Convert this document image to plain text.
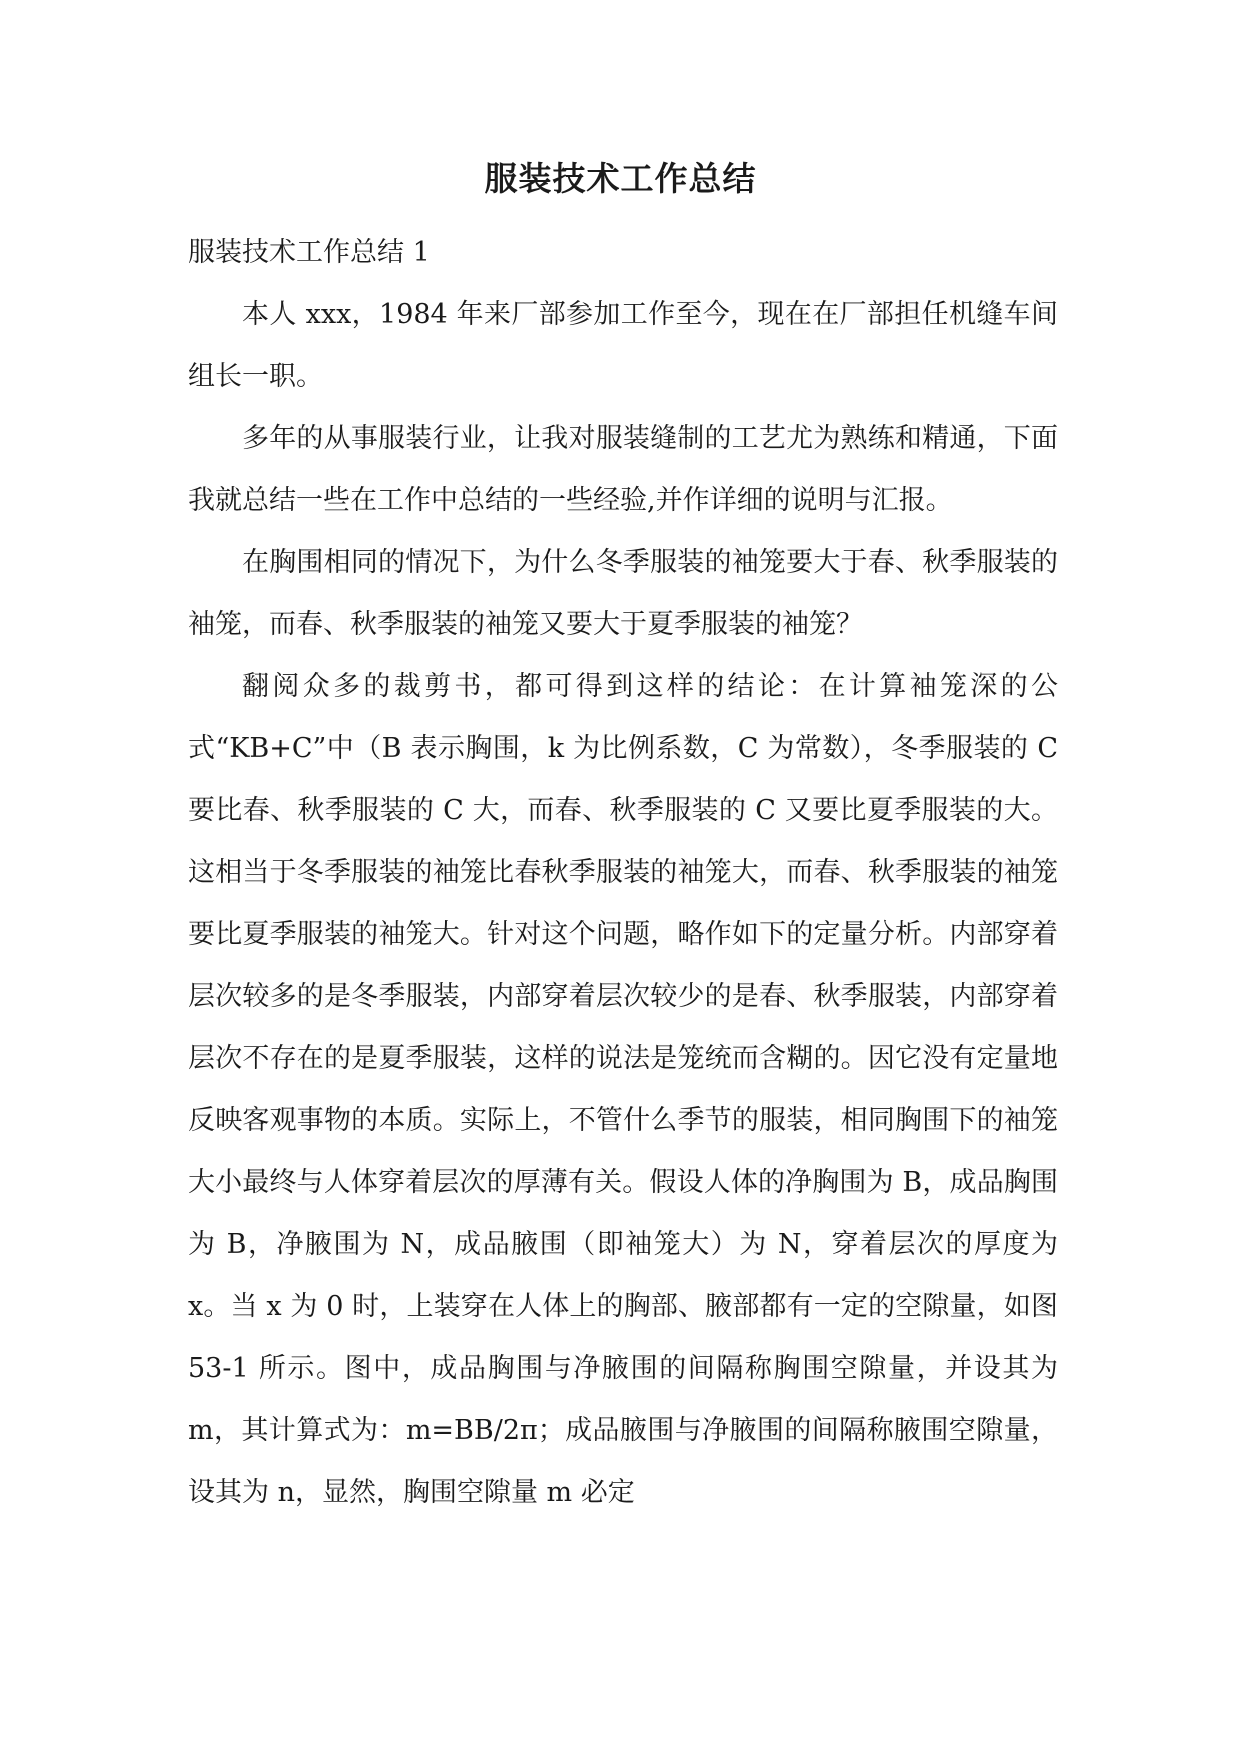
服装技术工作总结

服装技术工作总结 1

本人 xxx，1984 年来厂部参加工作至今，现在在厂部担任机缝车间组长一职。

多年的从事服装行业，让我对服装缝制的工艺尤为熟练和精通，下面我就总结一些在工作中总结的一些经验,并作详细的说明与汇报。

在胸围相同的情况下，为什么冬季服装的袖笼要大于春、秋季服装的袖笼，而春、秋季服装的袖笼又要大于夏季服装的袖笼？

翻阅众多的裁剪书，都可得到这样的结论：在计算袖笼深的公式“KB+C”中（B 表示胸围，k 为比例系数，C 为常数），冬季服装的 C 要比春、秋季服装的 C 大，而春、秋季服装的 C 又要比夏季服装的大。这相当于冬季服装的袖笼比春秋季服装的袖笼大，而春、秋季服装的袖笼要比夏季服装的袖笼大。针对这个问题，略作如下的定量分析。内部穿着层次较多的是冬季服装，内部穿着层次较少的是春、秋季服装，内部穿着层次不存在的是夏季服装，这样的说法是笼统而含糊的。因它没有定量地反映客观事物的本质。实际上，不管什么季节的服装，相同胸围下的袖笼大小最终与人体穿着层次的厚薄有关。假设人体的净胸围为 B，成品胸围为 B，净腋围为 N，成品腋围（即袖笼大）为 N，穿着层次的厚度为 x。当 x 为 0 时，上装穿在人体上的胸部、腋部都有一定的空隙量，如图 53-1 所示。图中，成品胸围与净腋围的间隔称胸围空隙量，并设其为 m，其计算式为：m=BB/2π；成品腋围与净腋围的间隔称腋围空隙量，设其为 n，显然，胸围空隙量 m 必定
